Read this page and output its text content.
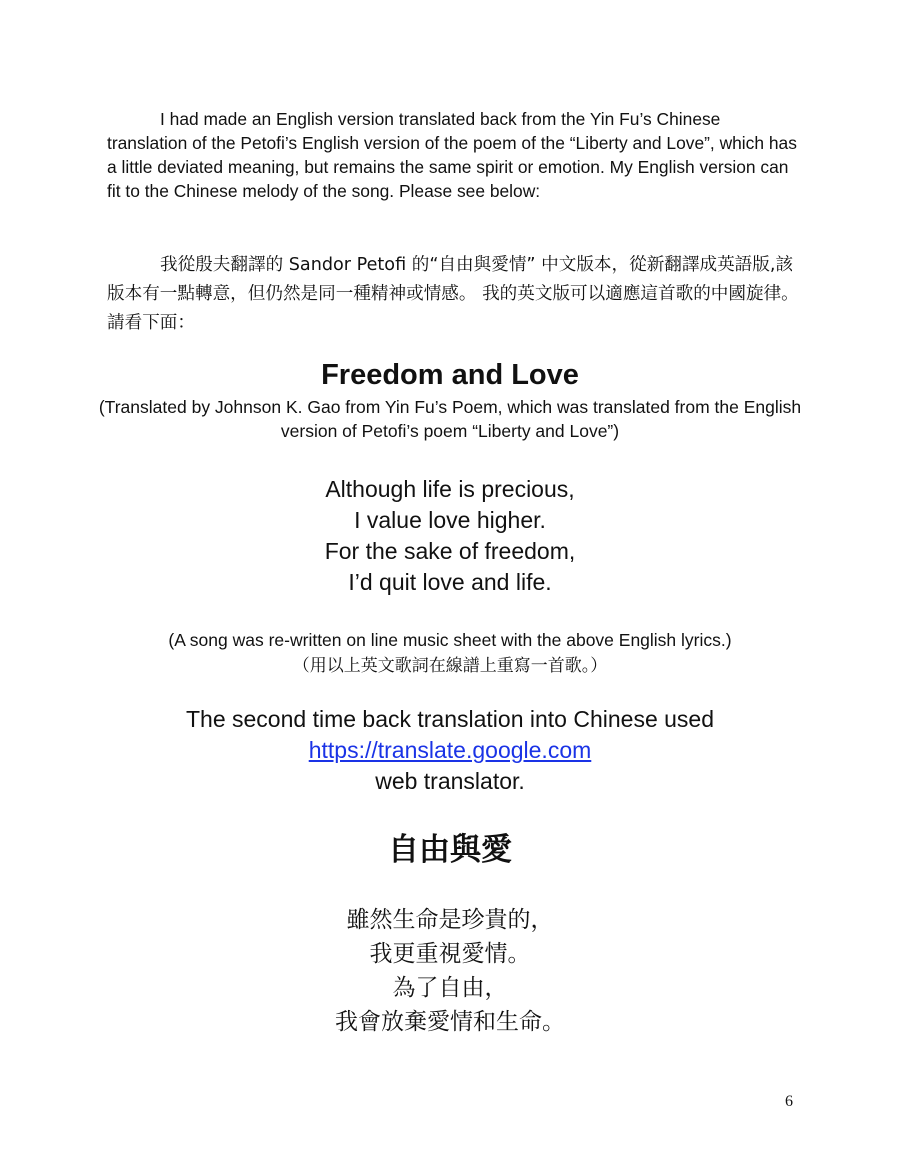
I had made an English version translated back from the Yin Fu’s Chinese translation of the Petofi’s English version of the poem of the “Liberty and Love”, which has a little deviated meaning, but remains the same spirit or emotion. My English version can fit to the Chinese melody of the song. Please see below:

我從殷夫翻譯的 Sandor Petofi 的“自由與愛情” 中文版本，從新翻譯成英語版,該版本有一點轉意，但仍然是同一種精神或情感。 我的英文版可以適應這首歌的中國旋律。 請看下面：

Freedom and Love

(Translated by Johnson K. Gao from Yin Fu’s Poem, which was translated from the English version of Petofi’s poem “Liberty and Love”)

Although life is precious,
I value love higher.
For the sake of freedom,
I’d quit love and life.
(A song was re-written on line music sheet with the above English lyrics.)
（用以上英文歌詞在線譜上重寫一首歌。）
The second time back translation into Chinese used
https://translate.google.com
web translator.
自由與愛
雖然生命是珍貴的，
我更重視愛情。
為了自由，
我會放棄愛情和生命。
6
